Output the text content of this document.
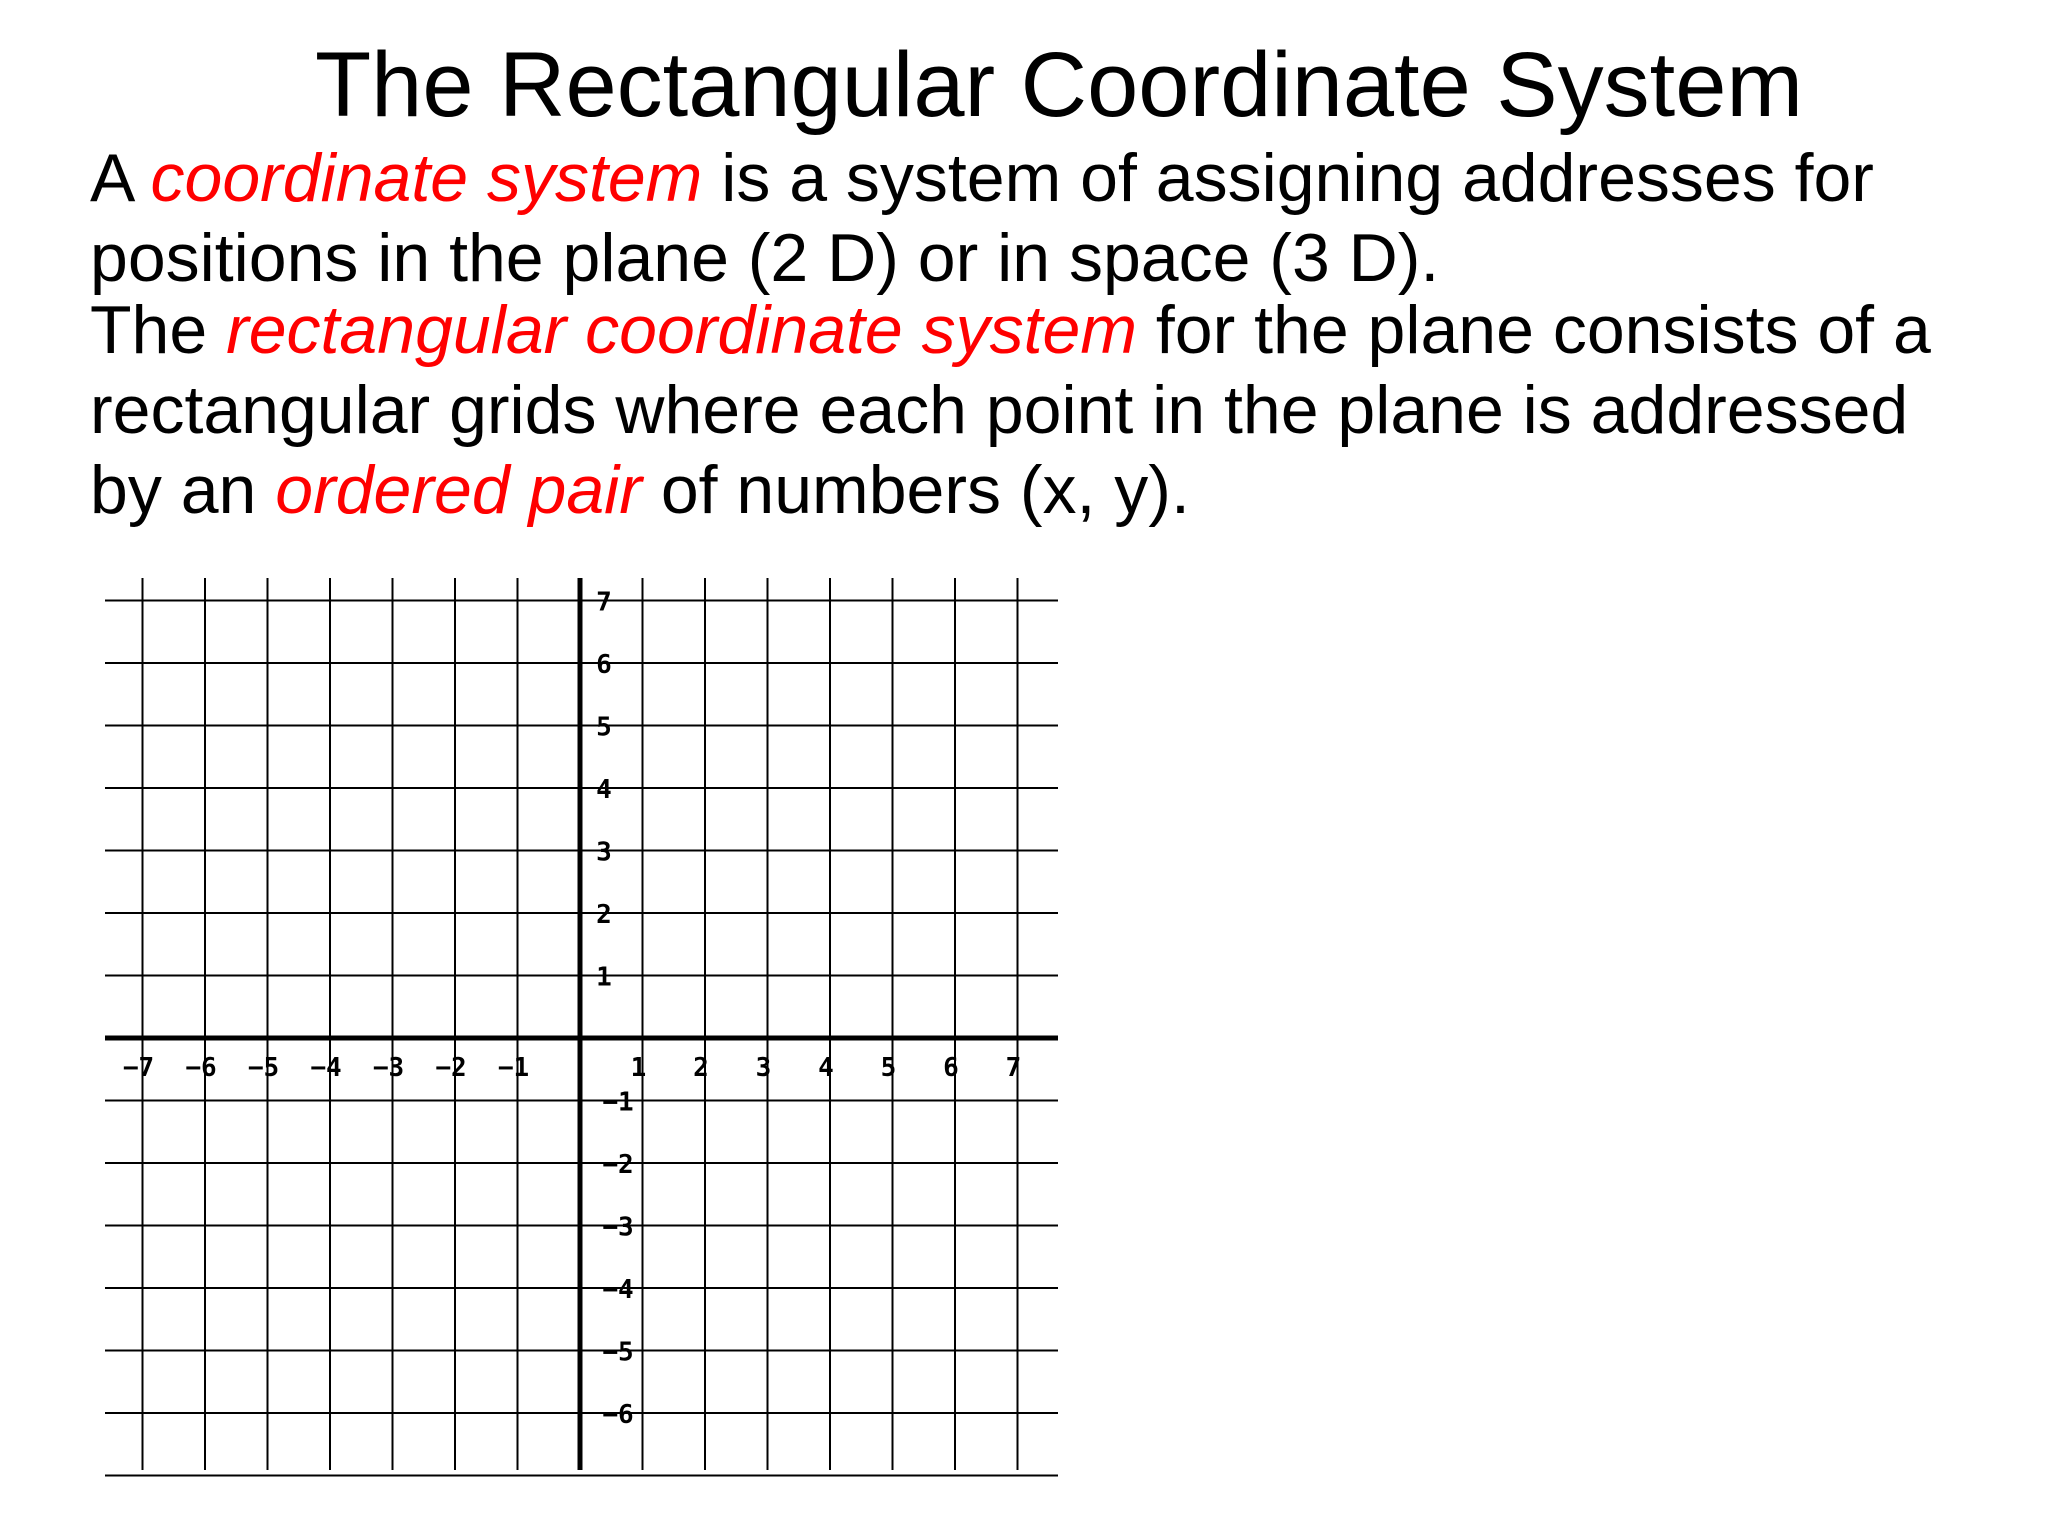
The Rectangular Coordinate System
A coordinate system is a system of assigning addresses for
positions in the plane (2 D) or in space (3 D).
The rectangular coordinate system for the plane consists of a
rectangular grids where each point in the plane is addressed
by an ordered pair of numbers (x, y).
−7 −6 −5 −4 −3 −2 −1	1 2 3 4 5 6 7
7
6
5
4
3
2
1
−1
−2
−3
−4
−5
−6
